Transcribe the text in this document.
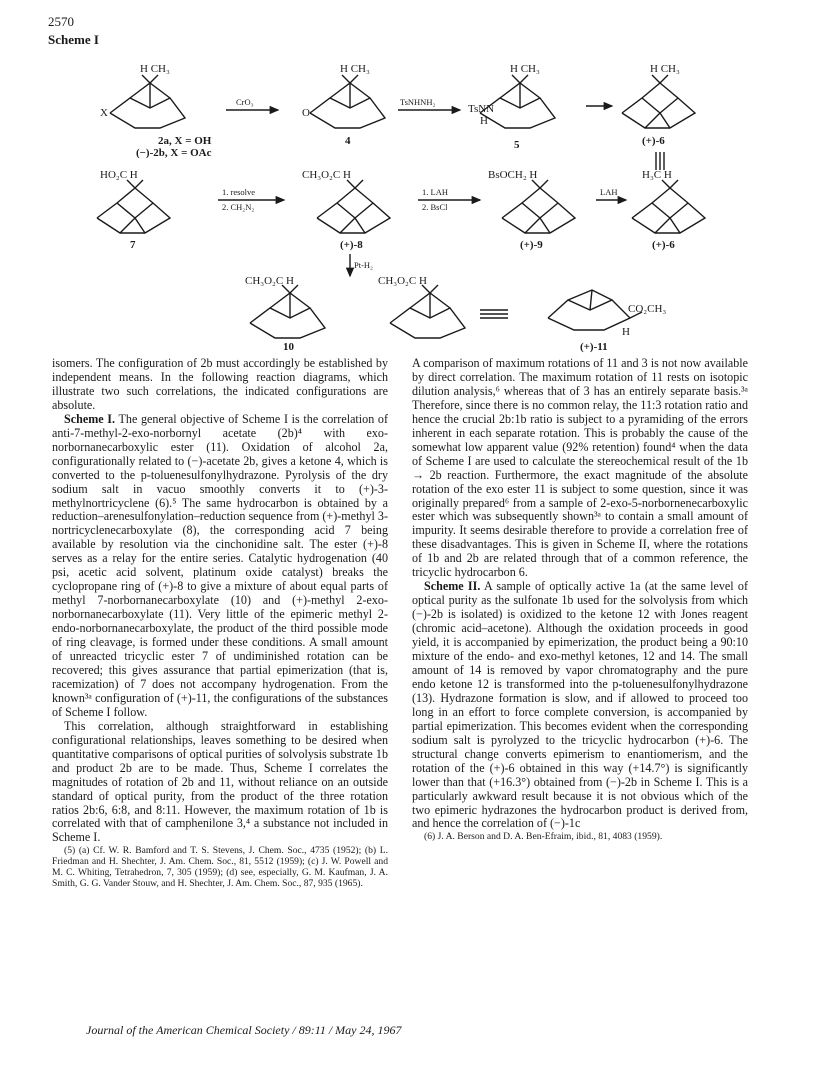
2570
Scheme I
H CH₃
X
2a, X = OH
(−)-2b, X = OAc
CrO₃
H CH₃
O
4
TsNHNH₂
H CH₃
TsNN
H
5
H CH₃
(+)-6
HO₂C H
7
1. resolve
2. CH₂N₂
CH₃O₂C H
(+)-8
1. LAH
2. BsCl
BsOCH₂ H
(+)-9
LAH
H₃C H
(+)-6
Pt-H₂
CH₃O₂C H
10
CH₃O₂C H
CO₂CH₃
H
(+)-11

isomers. The configuration of 2b must accordingly be established by independent means. In the following reaction diagrams, which illustrate two such correlations, the indicated configurations are absolute.

Scheme I. The general objective of Scheme I is the correlation of anti-7-methyl-2-exo-norbornyl acetate (2b)⁴ with exo-norbornanecarboxylic ester (11). Oxidation of alcohol 2a, configurationally related to (−)-acetate 2b, gives a ketone 4, which is converted to the p-toluenesulfonylhydrazone. Pyrolysis of the dry sodium salt in vacuo smoothly converts it to (+)-3-methylnortricyclene (6).⁵ The same hydrocarbon is obtained by a reduction–arenesulfonylation–reduction sequence from (+)-methyl 3-nortricyclenecarboxylate (8), the corresponding acid 7 being available by resolution via the cinchonidine salt. The ester (+)-8 serves as a relay for the entire series. Catalytic hydrogenation (40 psi, acetic acid solvent, platinum oxide catalyst) breaks the cyclopropane ring of (+)-8 to give a mixture of about equal parts of methyl 7-norbornanecarboxylate (10) and (+)-methyl 2-exo-norbornanecarboxylate (11). Very little of the epimeric methyl 2-endo-norbornanecarboxylate, the product of the third possible mode of ring cleavage, is formed under these conditions. A small amount of unreacted tricyclic ester 7 of undiminished rotation can be recovered; this gives assurance that partial epimerization (that is, racemization) of 7 does not accompany hydrogenation. From the known³ᵃ configuration of (+)-11, the configurations of the substances of Scheme I follow.

This correlation, although straightforward in establishing configurational relationships, leaves something to be desired when quantitative comparisons of optical purities of solvolysis substrate 1b and product 2b are to be made. Thus, Scheme I correlates the magnitudes of rotation of 2b and 11, without reliance on an outside standard of optical purity, from the product of the three rotation ratios 2b:6, 6:8, and 8:11. However, the maximum rotation of 1b is correlated with that of camphenilone 3,⁴ a substance not included in Scheme I.

(5) (a) Cf. W. R. Bamford and T. S. Stevens, J. Chem. Soc., 4735 (1952); (b) L. Friedman and H. Shechter, J. Am. Chem. Soc., 81, 5512 (1959); (c) J. W. Powell and M. C. Whiting, Tetrahedron, 7, 305 (1959); (d) see, especially, G. M. Kaufman, J. A. Smith, G. G. Vander Stouw, and H. Shechter, J. Am. Chem. Soc., 87, 935 (1965).

A comparison of maximum rotations of 11 and 3 is not now available by direct correlation. The maximum rotation of 11 rests on isotopic dilution analysis,⁶ whereas that of 3 has an entirely separate basis.³ᵃ Therefore, since there is no common relay, the 11:3 rotation ratio and hence the crucial 2b:1b ratio is subject to a pyramiding of the errors inherent in each separate rotation. This is probably the cause of the somewhat low apparent value (92% retention) found⁴ when the data of Scheme I are used to calculate the stereochemical result of the 1b → 2b reaction. Furthermore, the exact magnitude of the absolute rotation of the exo ester 11 is subject to some question, since it was originally prepared⁶ from a sample of 2-exo-5-norbornenecarboxylic ester which was subsequently shown³ᵃ to contain a small amount of impurity. It seems desirable therefore to provide a correlation free of these disadvantages. This is given in Scheme II, where the rotations of 1b and 2b are related through that of a common reference, the tricyclic hydrocarbon 6.

Scheme II. A sample of optically active 1a (at the same level of optical purity as the sulfonate 1b used for the solvolysis from which (−)-2b is isolated) is oxidized to the ketone 12 with Jones reagent (chromic acid–acetone). Although the oxidation proceeds in good yield, it is accompanied by epimerization, the product being a 90:10 mixture of the endo- and exo-methyl ketones, 12 and 14. The small amount of 14 is removed by vapor chromatography and the pure endo ketone 12 is transformed into the p-toluenesulfonylhydrazone (13). Hydrazone formation is slow, and if allowed to proceed too long in an effort to force complete conversion, is accompanied by partial epimerization. This becomes evident when the corresponding sodium salt is pyrolyzed to the tricyclic hydrocarbon (+)-6. The structural change converts epimerism to enantiomerism, and the rotation of the (+)-6 obtained in this way (+14.7°) is significantly lower than that (+16.3°) obtained from (−)-2b in Scheme I. This is a particularly awkward result because it is not obvious which of the two epimeric hydrazones the hydrocarbon product is derived from, and hence the correlation of (−)-1c

(6) J. A. Berson and D. A. Ben-Efraim, ibid., 81, 4083 (1959).

Journal of the American Chemical Society / 89:11 / May 24, 1967
